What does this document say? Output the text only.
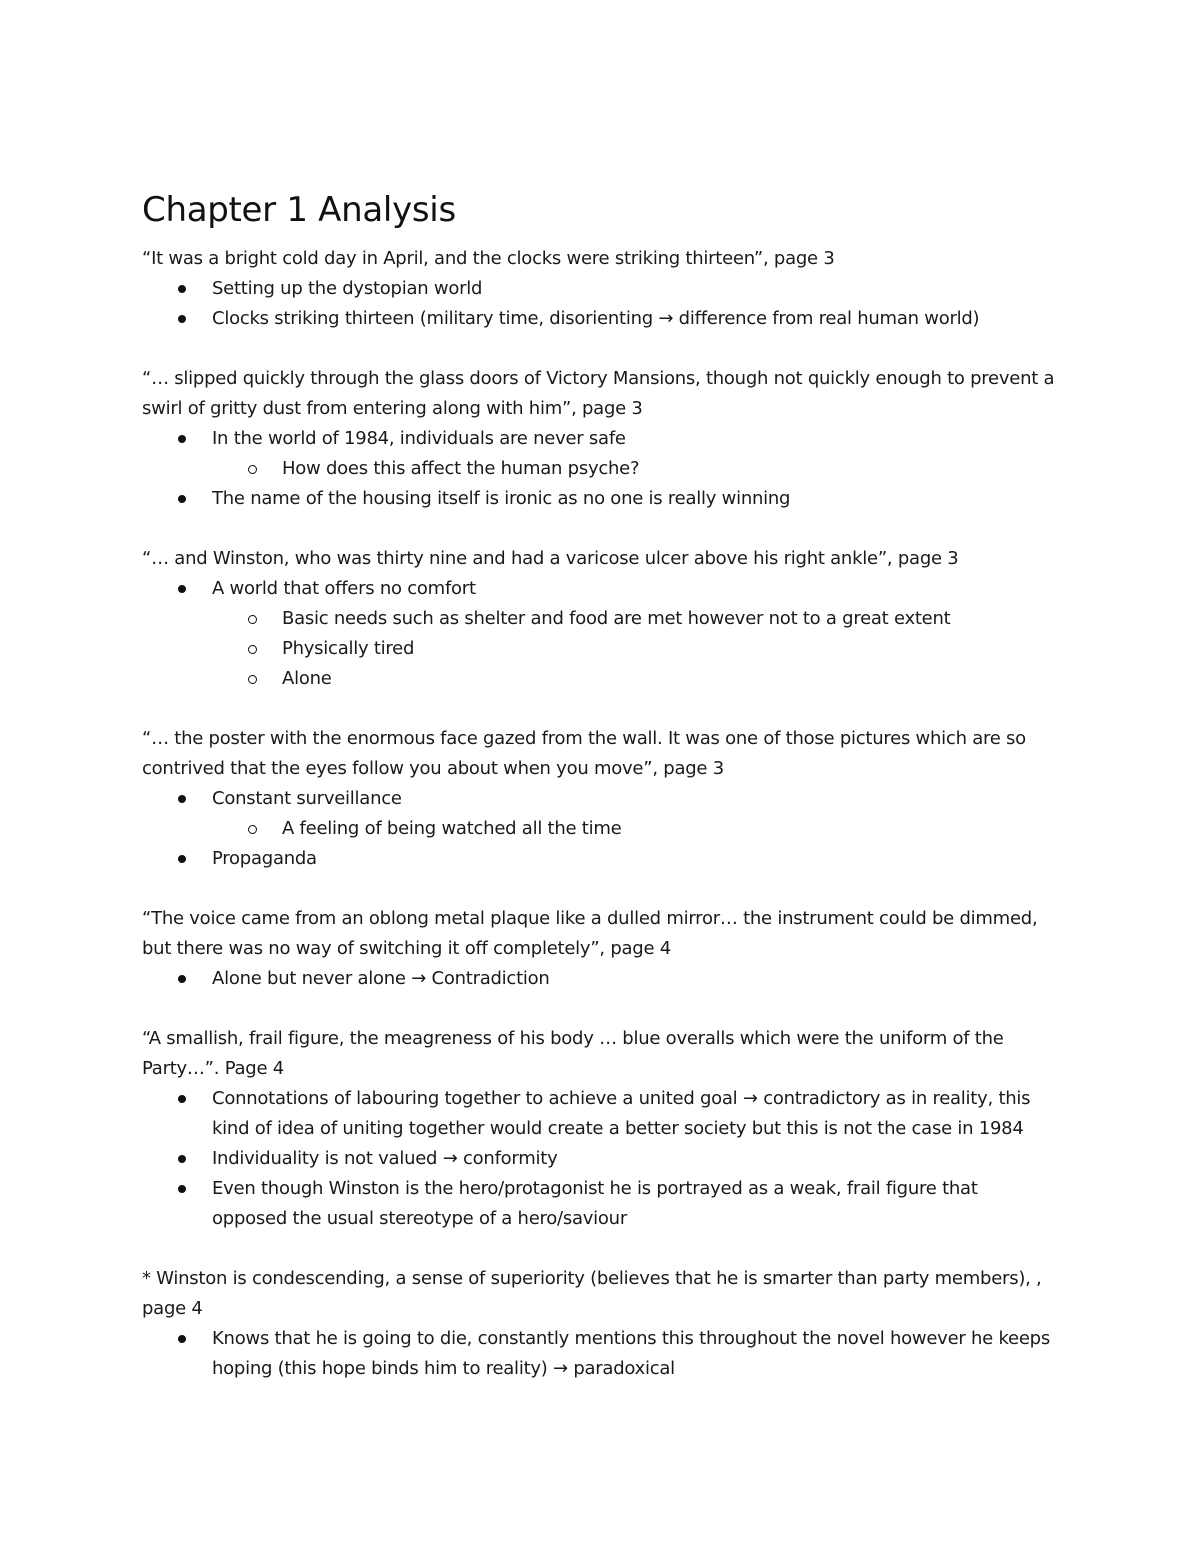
Chapter 1 Analysis

“It was a bright cold day in April, and the clocks were striking thirteen”, page 3

Setting up the dystopian world
Clocks striking thirteen (military time, disorienting → difference from real human world)

“… slipped quickly through the glass doors of Victory Mansions, though not quickly enough to prevent a swirl of gritty dust from entering along with him”, page 3

In the world of 1984, individuals are never safe
How does this affect the human psyche?
The name of the housing itself is ironic as no one is really winning

“… and Winston, who was thirty nine and had a varicose ulcer above his right ankle”, page 3

A world that offers no comfort
Basic needs such as shelter and food are met however not to a great extent
Physically tired
Alone

“… the poster with the enormous face gazed from the wall. It was one of those pictures which are so contrived that the eyes follow you about when you move”, page 3

Constant surveillance
A feeling of being watched all the time
Propaganda

“The voice came from an oblong metal plaque like a dulled mirror… the instrument could be dimmed, but there was no way of switching it off completely”, page 4

Alone but never alone → Contradiction

“A smallish, frail figure, the meagreness of his body … blue overalls which were the uniform of the Party…”. Page 4

Connotations of labouring together to achieve a united goal → contradictory as in reality, this kind of idea of uniting together would create a better society but this is not the case in 1984
Individuality is not valued → conformity
Even though Winston is the hero/protagonist he is portrayed as a weak, frail figure that opposed the usual stereotype of a hero/saviour

* Winston is condescending, a sense of superiority (believes that he is smarter than party members), , page 4

Knows that he is going to die, constantly mentions this throughout the novel however he keeps hoping (this hope binds him to reality) → paradoxical
